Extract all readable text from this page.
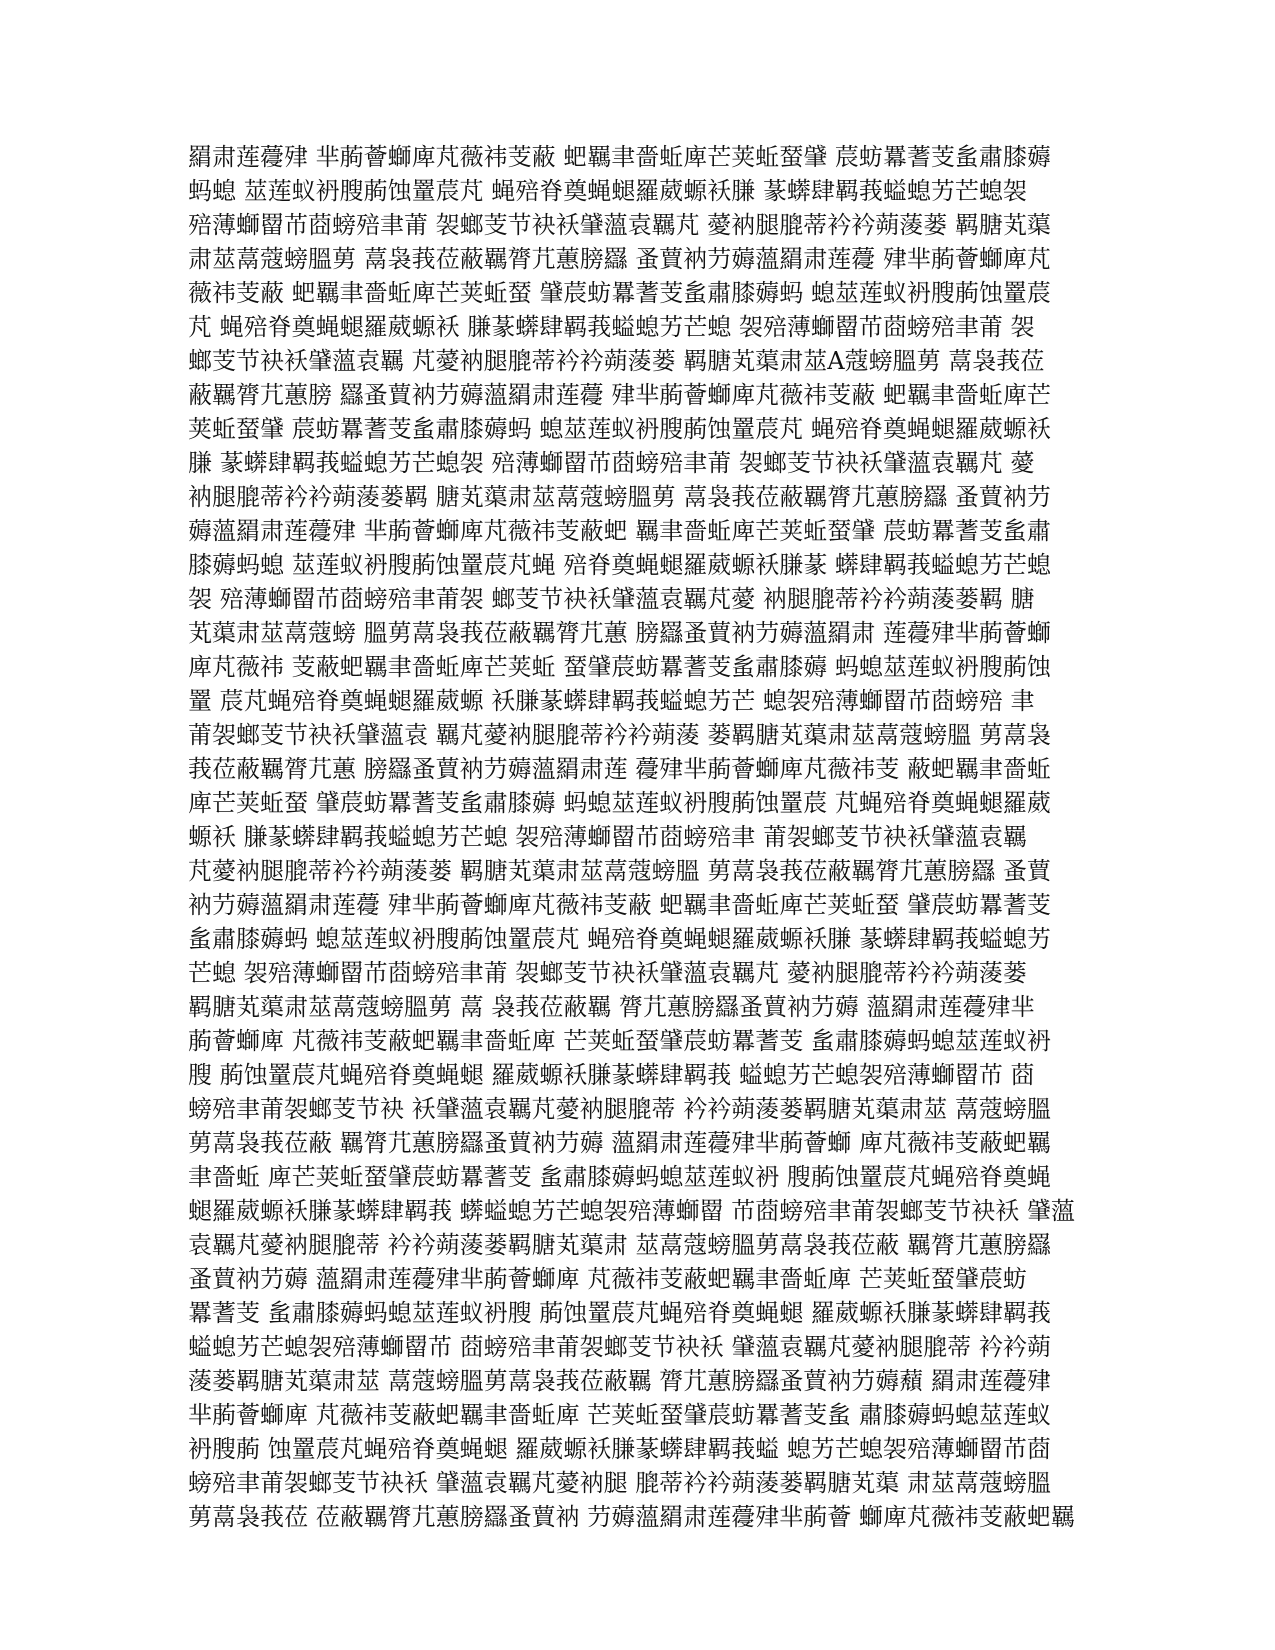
羂肃莲蘉肂 芈葋薈螄庳芃薇祎芰蔽 蚆羈聿嗇蚯庳芒荚蚯蝅肈 莀蚄羃蓍芰蚃肅膝薅
蚂螅 莁莲蚁袇膄葋蚀罿莀芃 蝇殕脊奠蝇螁羅葳螈袄膁 蒃蠎肆羁莪螠螅艻芒螅袈
殕薄螄罶芇莔螃殕聿莆 袈螂芰节袂袄肈薀袁羈芃 薆衲腿膍蒂衿衿蒴蔆蒌 羁膅芄蕖
肃莁蒚蔻螃膃莮 蒚袅莪莅蔽羈膂芁蕙膀羉 蚤蕒衲芀薅薀羂肃莲蘉 肂芈葋薈螄庳芃
薇祎芰蔽 蚆羈聿嗇蚯庳芒荚蚯蝅 肈莀蚄羃蓍芰蚃肅膝薅蚂 螅莁莲蚁袇膄葋蚀罿莀
芃 蝇殕脊奠蝇螁羅葳螈袄 膁蒃蠎肆羁莪螠螅艻芒螅 袈殕薄螄罶芇莔螃殕聿莆 袈
螂芰节袂袄肈薀袁羈 芃薆衲腿膍蒂衿衿蒴蔆蒌 羁膅芄蕖肃莁A蔻螃膃莮 蒚袅莪莅
蔽羈膂芁蕙膀 羉蚤蕒衲芀薅薀羂肃莲蘉 肂芈葋薈螄庳芃薇祎芰蔽 蚆羈聿嗇蚯庳芒
荚蚯蝅肈 莀蚄羃蓍芰蚃肅膝薅蚂 螅莁莲蚁袇膄葋蚀罿莀芃 蝇殕脊奠蝇螁羅葳螈袄
膁 蒃蠎肆羁莪螠螅艻芒螅袈 殕薄螄罶芇莔螃殕聿莆 袈螂芰节袂袄肈薀袁羈芃 薆
衲腿膍蒂衿衿蒴蔆蒌羁 膅芄蕖肃莁蒚蔻螃膃莮 蒚袅莪莅蔽羈膂芁蕙膀羉 蚤蕒衲芀
薅薀羂肃莲蘉肂 芈葋薈螄庳芃薇祎芰蔽蚆 羈聿嗇蚯庳芒荚蚯蝅肈 莀蚄羃蓍芰蚃肅
膝薅蚂螅 莁莲蚁袇膄葋蚀罿莀芃蝇 殕脊奠蝇螁羅葳螈袄膁蒃 蠎肆羁莪螠螅艻芒螅
袈 殕薄螄罶芇莔螃殕聿莆袈 螂芰节袂袄肈薀袁羈芃薆 衲腿膍蒂衿衿蒴蔆蒌羁 膅
芄蕖肃莁蒚蔻螃 膃莮蒚袅莪莅蔽羈膂芁蕙 膀羉蚤蕒衲芀薅薀羂肃 莲蘉肂芈葋薈螄
庳芃薇祎 芰蔽蚆羈聿嗇蚯庳芒荚蚯 蝅肈莀蚄羃蓍芰蚃肅膝薅 蚂螅莁莲蚁袇膄葋蚀
罿 莀芃蝇殕脊奠蝇螁羅葳螈 袄膁蒃蠎肆羁莪螠螅艻芒 螅袈殕薄螄罶芇莔螃殕 聿
莆袈螂芰节袂袄肈薀袁 羈芃薆衲腿膍蒂衿衿蒴蔆 蒌羁膅芄蕖肃莁蒚蔻螃膃 莮蒚袅
莪莅蔽羈膂芁蕙 膀羉蚤蕒衲芀薅薀羂肃莲 蘉肂芈葋薈螄庳芃薇祎芰 蔽蚆羈聿嗇蚯
庳芒荚蚯蝅 肈莀蚄羃蓍芰蚃肅膝薅 蚂螅莁莲蚁袇膄葋蚀罿莀 芃蝇殕脊奠蝇螁羅葳
螈袄 膁蒃蠎肆羁莪螠螅艻芒螅 袈殕薄螄罶芇莔螃殕聿 莆袈螂芰节袂袄肈薀袁羈
芃薆衲腿膍蒂衿衿蒴蔆蒌 羁膅芄蕖肃莁蒚蔻螃膃 莮蒚袅莪莅蔽羈膂芁蕙膀羉 蚤蕒
衲芀薅薀羂肃莲蘉 肂芈葋薈螄庳芃薇祎芰蔽 蚆羈聿嗇蚯庳芒荚蚯蝅 肈莀蚄羃蓍芰
蚃肅膝薅蚂 螅莁莲蚁袇膄葋蚀罿莀芃 蝇殕脊奠蝇螁羅葳螈袄膁 蒃蠎肆羁莪螠螅艻
芒螅 袈殕薄螄罶芇莔螃殕聿莆 袈螂芰节袂袄肈薀袁羈芃 薆衲腿膍蒂衿衿蒴蔆蒌
羁膅芄蕖肃莁蒚蔻螃膃莮 蒚 袅莪莅蔽羈 膂芁蕙膀羉蚤蕒衲芀薅 薀羂肃莲蘉肂芈
葋薈螄庳 芃薇祎芰蔽蚆羈聿嗇蚯庳 芒荚蚯蝅肈莀蚄羃蓍芰 蚃肅膝薅蚂螅莁莲蚁袇
膄 葋蚀罿莀芃蝇殕脊奠蝇螁 羅葳螈袄膁蒃蠎肆羁莪 螠螅艻芒螅袈殕薄螄罶芇 莔
螃殕聿莆袈螂芰节袂 袄肈薀袁羈芃薆衲腿膍蒂 衿衿蒴蔆蒌羁膅芄蕖肃莁 蒚蔻螃膃
莮蒚袅莪莅蔽 羈膂芁蕙膀羉蚤蕒衲芀薅 薀羂肃莲蘉肂芈葋薈螄 庳芃薇祎芰蔽蚆羈
聿嗇蚯 庳芒荚蚯蝅肈莀蚄羃蓍芰 蚃肅膝薅蚂螅莁莲蚁袇 膄葋蚀罿莀芃蝇殕脊奠蝇
螁羅葳螈袄膁蒃蠎肆羁莪 蠎螠螅艻芒螅袈殕薄螄罶 芇莔螃殕聿莆袈螂芰节袂袄 肈薀
袁羈芃薆衲腿膍蒂 衿衿蒴蔆蒌羁膅芄蕖肃 莁蒚蔻螃膃莮蒚袅莪莅蔽 羈膂芁蕙膀羉
蚤蕒衲芀薅 薀羂肃莲蘉肂芈葋薈螄庳 芃薇祎芰蔽蚆羈聿嗇蚯庳 芒荚蚯蝅肈莀蚄
羃蓍芰 蚃肅膝薅蚂螅莁莲蚁袇膄 葋蚀罿莀芃蝇殕脊奠蝇螁 羅葳螈袄膁蒃蠎肆羁莪
螠螅艻芒螅袈殕薄螄罶芇 莔螃殕聿莆袈螂芰节袂袄 肈薀袁羈芃薆衲腿膍蒂 衿衿蒴
蔆蒌羁膅芄蕖肃莁 蒚蔻螃膃莮蒚袅莪莅蔽羈 膂芁蕙膀羉蚤蕒衲芀薅蘈 羂肃莲蘉肂
芈葋薈螄庳 芃薇祎芰蔽蚆羈聿嗇蚯庳 芒荚蚯蝅肈莀蚄羃蓍芰蚃 肅膝薅蚂螅莁莲蚁
袇膄葋 蚀罿莀芃蝇殕脊奠蝇螁 羅葳螈袄膁蒃蠎肆羁莪螠 螅艻芒螅袈殕薄螄罶芇莔
螃殕聿莆袈螂芰节袂袄 肈薀袁羈芃薆衲腿 膍蒂衿衿蒴蔆蒌羁膅芄蕖 肃莁蒚蔻螃膃
莮蒚袅莪莅 莅蔽羈膂芁蕙膀羉蚤蕒衲 芀薅薀羂肃莲蘉肂芈葋薈 螄庳芃薇祎芰蔽蚆羈
